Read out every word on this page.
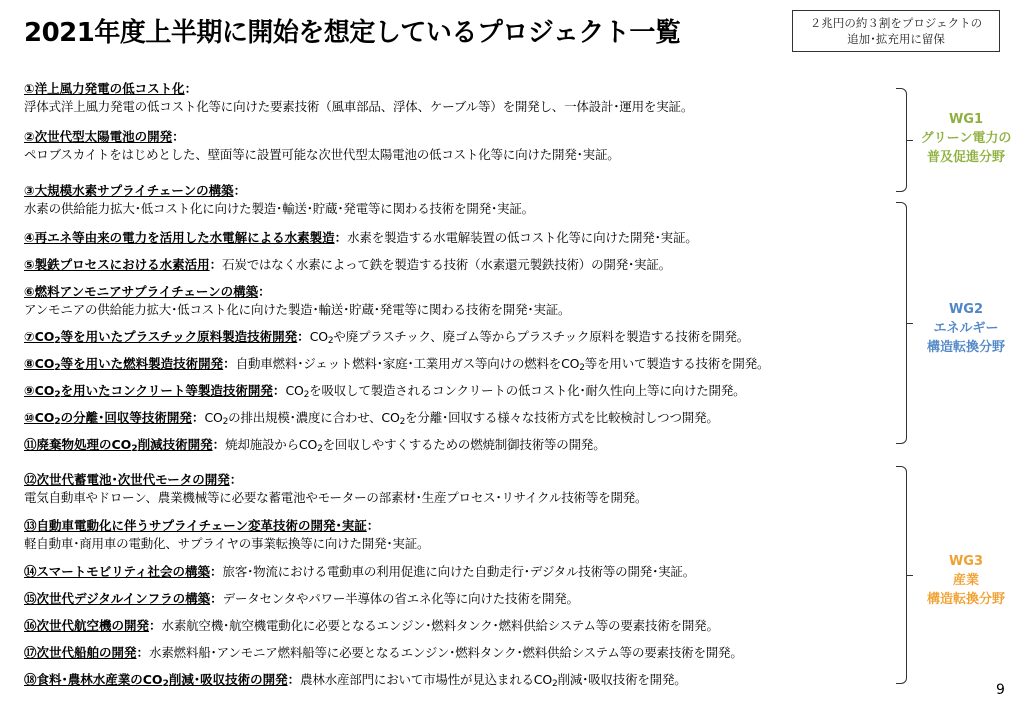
2021年度上半期に開始を想定しているプロジェクト一覧	２兆円の約３割をプロジェクトの
追加･拡充用に留保
①洋上風力発電の低コスト化：
浮体式洋上風力発電の低コスト化等に向けた要素技術（風車部品、浮体、ケーブル等）を開発し、一体設計･運用を実証。
②次世代型太陽電池の開発：
ペロブスカイトをはじめとした、壁面等に設置可能な次世代型太陽電池の低コスト化等に向けた開発･実証。
③大規模水素サプライチェーンの構築：
水素の供給能力拡大･低コスト化に向けた製造･輸送･貯蔵･発電等に関わる技術を開発･実証。
④再エネ等由来の電力を活用した水電解による水素製造：水素を製造する水電解装置の低コスト化等に向けた開発･実証。
⑤製鉄プロセスにおける水素活用：石炭ではなく水素によって鉄を製造する技術（水素還元製鉄技術）の開発･実証。
⑥燃料アンモニアサプライチェーンの構築：
アンモニアの供給能力拡大･低コスト化に向けた製造･輸送･貯蔵･発電等に関わる技術を開発･実証。
$⑦CO_2$等を用いたプラスチック原料製造技術開発：$CO_2$や廃プラスチック、廃ゴム等からプラスチック原料を製造する技術を開発。
$⑧CO_2$等を用いた燃料製造技術開発：自動車燃料･ジェット燃料･家庭･工業用ガス等向けの燃料を$CO_2$等を用いて製造する技術を開発。
$⑨CO_2$を用いたコンクリート等製造技術開発：$CO_2$を吸収して製造されるコンクリートの低コスト化･耐久性向上等に向けた開発。
$⑩CO_2$の分離･回収等技術開発：$CO_2$の排出規模･濃度に合わせ、$CO_2$を分離･回収する様々な技術方式を比較検討しつつ開発。
⑪廃棄物処理の$CO_2$削減技術開発：焼却施設から$CO_2$を回収しやすくするための燃焼制御技術等の開発。
⑫次世代蓄電池･次世代モータの開発：
電気自動車やドローン、農業機械等に必要な蓄電池やモーターの部素材･生産プロセス･リサイクル技術等を開発。
⑬自動車電動化に伴うサプライチェーン変革技術の開発･実証：
軽自動車･商用車の電動化、サプライヤの事業転換等に向けた開発･実証。
⑭スマートモビリティ社会の構築：旅客･物流における電動車の利用促進に向けた自動走行･デジタル技術等の開発･実証。
⑮次世代デジタルインフラの構築：データセンタやパワー半導体の省エネ化等に向けた技術を開発。
⑯次世代航空機の開発：水素航空機･航空機電動化に必要となるエンジン･燃料タンク･燃料供給システム等の要素技術を開発。
⑰次世代船舶の開発：水素燃料船･アンモニア燃料船等に必要となるエンジン･燃料タンク･燃料供給システム等の要素技術を開発。
⑱食料･農林水産業の$CO_2$削減･吸収技術の開発：農林水産部門において市場性が見込まれる$CO_2$削減･吸収技術を開発。
WG1
グリーン電力の
普及促進分野
WG2
エネルギー
構造転換分野
WG3
産業
構造転換分野
9
